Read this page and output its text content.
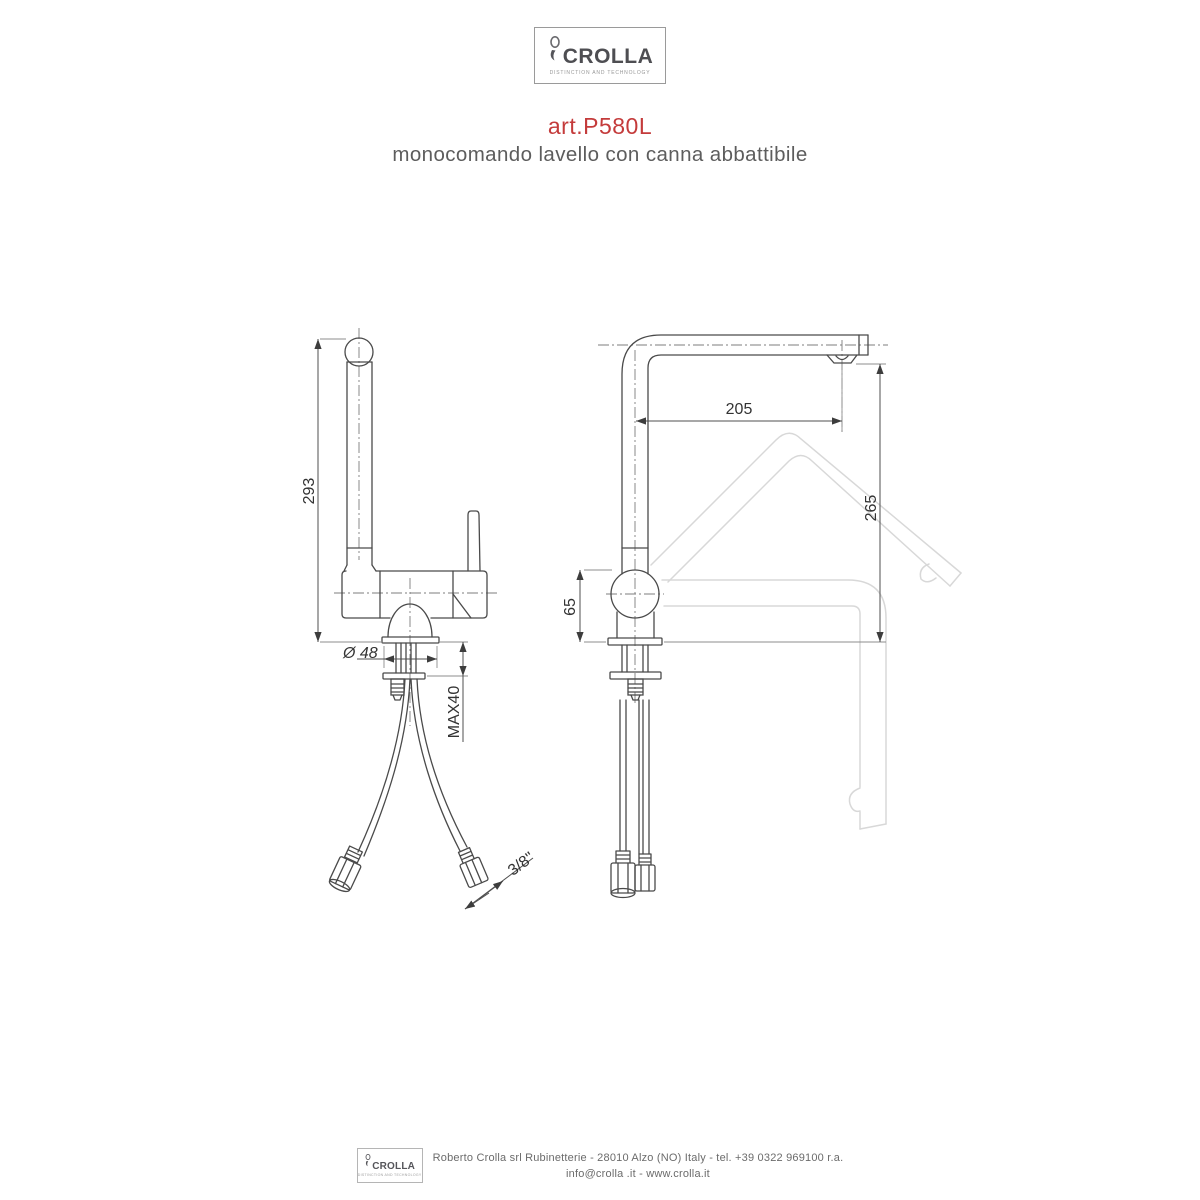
CROLLA
DISTINCTION AND TECHNOLOGY
art.P580L
monocomando lavello con canna abbattibile
293
Ø 48
MAX40
3/8"
205
265
65
CROLLA
DISTINCTION AND TECHNOLOGY
Roberto Crolla srl Rubinetterie - 28010 Alzo (NO) Italy - tel. +39 0322 969100 r.a.
info@crolla .it - www.crolla.it
